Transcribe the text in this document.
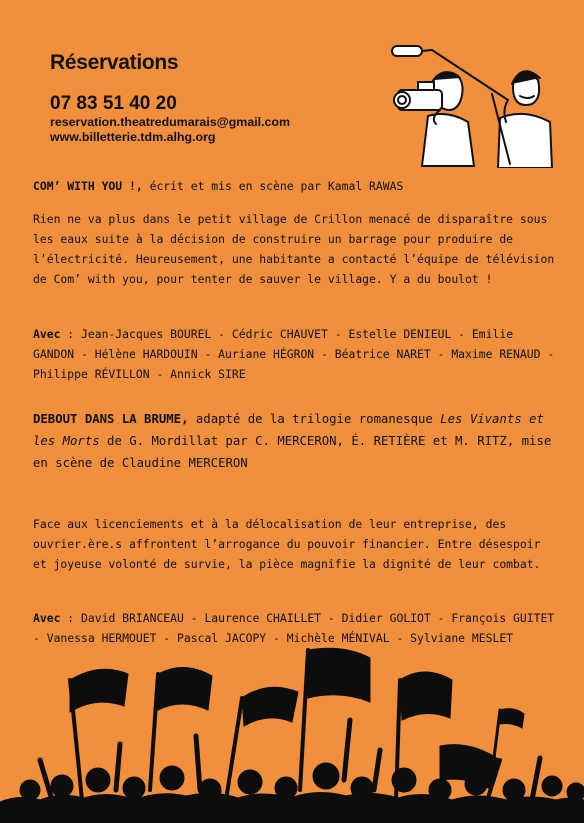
Réservations
07 83 51 40 20
reservation.theatredumarais@gmail.com
www.billetterie.tdm.alhg.org

COM’ WITH YOU !, écrit et mis en scène par Kamal RAWAS

Rien ne va plus dans le petit village de Crillon menacé de disparaître sous les eaux suite à la décision de construire un barrage pour produire de l’électricité. Heureusement, une habitante a contacté l’équipe de télévision de Com’ with you, pour tenter de sauver le village. Y a du boulot !

Avec : Jean-Jacques BOUREL - Cédric CHAUVET - Estelle DENIEUL - Emilie GANDON - Hélène HARDOUIN - Auriane HÉGRON - Béatrice NARET - Maxime RENAUD - Philippe RÉVILLON - Annick SIRE

DEBOUT DANS LA BRUME, adapté de la trilogie romanesque Les Vivants et les Morts de G. Mordillat par C. MERCERON, É. RETIÈRE et M. RITZ, mise en scène de Claudine MERCERON

Face aux licenciements et à la délocalisation de leur entreprise, des ouvrier.ère.s affrontent l’arrogance du pouvoir financier. Entre désespoir et joyeuse volonté de survie, la pièce magnifie la dignité de leur combat.

Avec : David BRIANCEAU - Laurence CHAILLET - Didier GOLIOT - François GUITET - Vanessa HERMOUET - Pascal JACOPY - Michèle MÉNIVAL - Sylviane MESLET
